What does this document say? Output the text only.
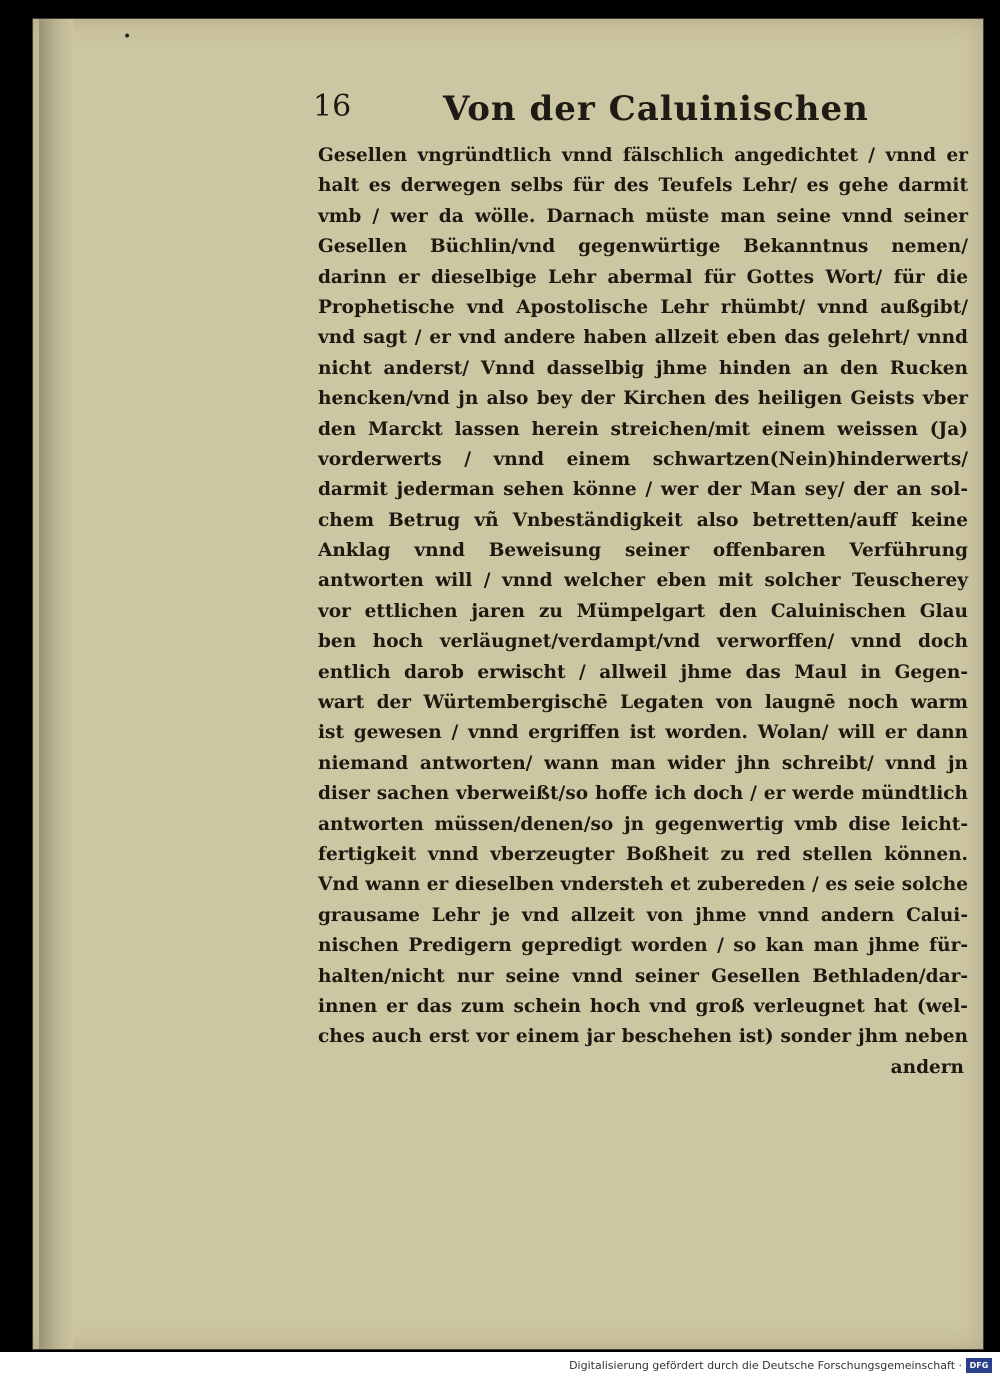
•
16	Von der Caluinischen
Gesellen vngründtlich vnnd fälschlich angedichtet / vnnd er
halt es derwegen selbs für des Teufels Lehr/ es gehe darmit
vmb / wer da wölle. Darnach müste man seine vnnd seiner
Gesellen Büchlin/vnd gegenwürtige Bekanntnus nemen/
darinn er dieselbige Lehr abermal für Gottes Wort/ für die
Prophetische vnd Apostolische Lehr rhümbt/ vnnd außgibt/
vnd sagt / er vnd andere haben allzeit eben das gelehrt/ vnnd
nicht anderst/ Vnnd dasselbig jhme hinden an den Rucken
hencken/vnd jn also bey der Kirchen des heiligen Geists vber
den Marckt lassen herein streichen/mit einem weissen (Ja)
vorderwerts / vnnd einem schwartzen(Nein)hinderwerts/
darmit jederman sehen könne / wer der Man sey/ der an sol-
chem Betrug vñ Vnbeständigkeit also betretten/auff keine
Anklag vnnd Beweisung seiner offenbaren Verführung
antworten will / vnnd welcher eben mit solcher Teuscherey
vor ettlichen jaren zu Mümpelgart den Caluinischen Glau
ben hoch verläugnet/verdampt/vnd verworffen/ vnnd doch
entlich darob erwischt / allweil jhme das Maul in Gegen-
wart der Würtembergischē Legaten von laugnē noch warm
ist gewesen / vnnd ergriffen ist worden. Wolan/ will er dann
niemand antworten/ wann man wider jhn schreibt/ vnnd jn
diser sachen vberweißt/so hoffe ich doch / er werde mündtlich
antworten müssen/denen/so jn gegenwertig vmb dise leicht-
fertigkeit vnnd vberzeugter Boßheit zu red stellen können.
Vnd wann er dieselben vndersteh et zubereden / es seie solche
grausame Lehr je vnd allzeit von jhme vnnd andern Calui-
nischen Predigern gepredigt worden / so kan man jhme für-
halten/nicht nur seine vnnd seiner Gesellen Bethladen/dar-
innen er das zum schein hoch vnd groß verleugnet hat (wel-
ches auch erst vor einem jar beschehen ist) sonder jhm neben
andern
Digitalisierung gefördert durch die Deutsche Forschungsgemeinschaft · DFG
